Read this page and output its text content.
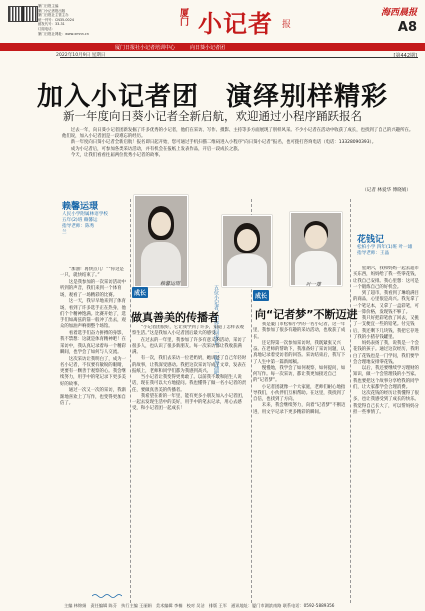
厦门日报主编
厦门小记者报出版
厦门日报社主管主办
统一刊号：CN35-0024
邮发代号：33-31
订阅电话：
厦门日报社网址：www.xmnn.cn
厦门 小记者 报
海西晨报
A8
厦门日报社小记者培训中心　　　向日葵小记者团
2022年10月9日 星期日	[第442期]
加入小记者团　演绎别样精彩
新一年度向日葵小记者全新启航，欢迎通过小程序踊跃报名

过去一年，向日葵小记者团新发掘了许多优秀的小记者，他们在采访、写作、摄影、主持等多方面展现了别样风采。不少小记者在活动中收获了成长，也找到了自己的兴趣所在。他们说，加入小记者团是一段难忘的经历。

新一年度向日葵小记者全新启航！报名即日起开始，您可通过手机扫描二维码进入小程序“向日葵小记者”报名，也可拨打咨询电话（电话：13328090393）。

成为小记者后，可参加各类采访活动，并有机会在报纸上发表作品，开启一段成长之旅。

今天，让我们看看往届两位优秀小记者的故事。

（记者 林爱华 傅晓娟）
赖馨运璟
人民小学附属林语学校
五年(2)班 赖馨运
指导老师：陈秀
兰

“加油！再快点儿！”“你这是一只，就快结束了。”

这是我参加的一次采访活动中听到的声音，我们来到一个体育场，观看了一场精彩的比赛。

这一天，我早早地来到了体育场，看到了许多选手正在热身，他们个个精神饱满。比赛开始了，选手们如离弦的箭一般冲了出去，观众的加油声响彻整个场馆。

看着选手们奋力拼搏的身影，我不禁想：这就是体育精神吧！在采访中，我认真记录着每一个精彩瞬间，也学会了如何与人交流。

这次采访让我明白了，成为一名小记者，不仅要有敏锐的眼睛，更要有一颗善于观察的心。我会继续努力，用手中的笔记录下更多美好的故事。

通过一次又一次的采访，我渐渐地喜欢上了写作，也变得更加自信了。

赖馨运璟	叶一雄
五位小记者，和你共同成长，一起加油吧
成长
做真善美的传播者

“小记者团很好，它让我学到了许多，知道了怎样去观察生活。”这是我加入小记者团后最大的感受。

在过去的一年里，我参加了许多有意义的活动，采访了很多人，也认识了很多新朋友。每一次采访都让我收获满满。

有一次，我们去采访一位老奶奶，她讲述了自己年轻时的故事，让我深受感动。我把这次采访写成了文章，发表在报纸上，老师和同学们都为我感到高兴。

当小记者让我变得更勇敢了。以前我不敢和陌生人说话，现在我可以大方地提问。我也懂得了做一名小记者的责任，要做真善美的传播者。

我希望在新的一年里，能有更多小朋友加入小记者团，一起去发现生活中的美好，用手中的笔去记录，用心去感受，和小记者团一起成长！

成长
向“记者梦”不断迈进

我是厦门市松柏小学的一名小记者，这一年里，我参加了很多有趣的采访活动，也收获了成长。

还记得第一次参加采访时，我既紧张又兴奋。在老师的帮助下，我准备好了采访问题，认真地记录着受访者的回答。采访结束后，我写下了人生中第一篇新闻稿。

慢慢地，我学会了如何观察，如何提问，如何写作。每一次采访，都让我更加接近自己的“记者梦”。

小记者团就像一个大家庭，老师们耐心地指导我们，小伙伴们互相帮助。在这里，我找到了自信，也找到了方向。

未来，我会继续努力，向着“记者梦”不断迈进，用文字记录下更多精彩的瞬间。

花钱记
松柏小学 四年(1)班 叶一雄
指导老师：王晶

星期六，我和妈妈一起去超市买东西，妈妈给了我一些零花钱，让我自己安排。我心里想：这可是一个锻炼自己的好机会。

到了超市，我看到了琳琅满目的商品，心里很是高兴。我先拿了一个笔记本，又拿了一盒彩笔，可是一算价格，发现钱不够了。

我只好把彩笔放了回去，又挑了一支便宜一些的铅笔。付完钱后，我还剩下几块钱，我把它存进了我的小猪存钱罐里。

妈妈表扬了我，说我是一个会花钱的孩子。通过这次经历，我明白了花钱也是一门学问，我们要学会合理地安排零花钱。

以后，我还要继续学习理财的知识，做一个会管理钱的小当家。我也要把这个故事分享给我的同学们，让大家都学会合理消费。

这次花钱的经历让我懂得了很多，也让我感受到了成长的快乐。我觉得自己长大了，可以帮妈妈分担一些事情了。

主编 林锦娟　责任编辑 陈芬　执行主编 王丽娟　美术编辑 李楠　校对 吴洁　排版 王军　通讯地址：厦门市湖滨南路 联系电话：0592-5889356
